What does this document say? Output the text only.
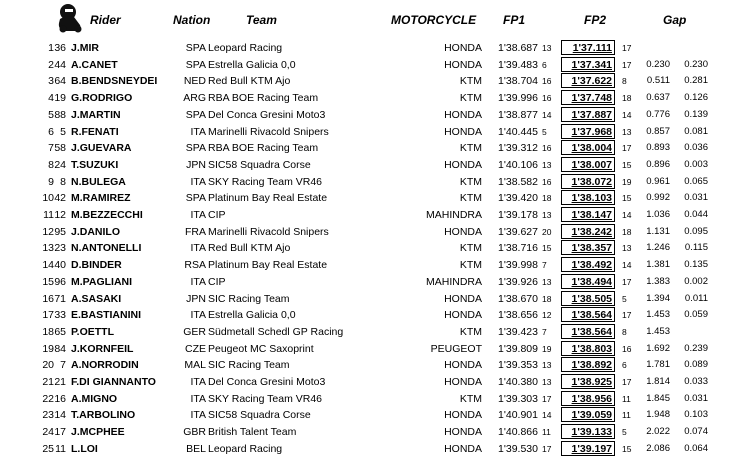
Rider	Nation	Team	MOTORCYCLE FP1	FP2	Gap
1 36 J.MIR	SPA Leopard Racing	HONDA	1'38.687 13	1'37.111	17
2 44 A.CANET	SPA Estrella Galicia 0,0	HONDA	1'39.483 6	1'37.341	17	0.230	0.230
3 64 B.BENDSNEYDEI	NED Red Bull KTM Ajo	KTM	1'38.704 16	1'37.622	8	0.511	0.281
4 19 G.RODRIGO	ARG RBA BOE Racing Team	KTM	1'39.996 16	1'37.748	18	0.637	0.126
5 88 J.MARTIN	SPA Del Conca Gresini Moto3	HONDA	1'38.877 14	1'37.887	14	0.776	0.139
6 5 R.FENATI	ITA Marinelli Rivacold Snipers	HONDA	1'40.445 5	1'37.968	13	0.857	0.081
7 58 J.GUEVARA	SPA RBA BOE Racing Team	KTM	1'39.312 16	1'38.004	17	0.893	0.036
8 24 T.SUZUKI	JPN SIC58 Squadra Corse	HONDA	1'40.106 13	1'38.007	15	0.896	0.003
9 8 N.BULEGA	ITA SKY Racing Team VR46	KTM	1'38.582 16	1'38.072	19	0.961	0.065
10 42 M.RAMIREZ	SPA Platinum Bay Real Estate	KTM	1'39.420 18	1'38.103	15	0.992	0.031
11 12 M.BEZZECCHI	ITA CIP	MAHINDRA	1'39.178 13	1'38.147	14	1.036	0.044
12 95 J.DANILO	FRA Marinelli Rivacold Snipers	HONDA	1'39.627 20	1'38.242	18	1.131	0.095
13 23 N.ANTONELLI	ITA Red Bull KTM Ajo	KTM	1'38.716 15	1'38.357	13	1.246	0.115
14 40 D.BINDER	RSA Platinum Bay Real Estate	KTM	1'39.998 7	1'38.492	14	1.381	0.135
15 96 M.PAGLIANI	ITA CIP	MAHINDRA	1'39.926 13	1'38.494	17	1.383	0.002
16 71 A.SASAKI	JPN SIC Racing Team	HONDA	1'38.670 18	1'38.505	5	1.394	0.011
17 33 E.BASTIANINI	ITA Estrella Galicia 0,0	HONDA	1'38.656 12	1'38.564	17	1.453	0.059
18 65 P.OETTL	GER Südmetall Schedl GP Racing	KTM	1'39.423 7	1'38.564	8	1.453
19 84 J.KORNFEIL	CZE Peugeot MC Saxoprint	PEUGEOT	1'39.809 19	1'38.803	16	1.692	0.239
20 7 A.NORRODIN	MAL SIC Racing Team	HONDA	1'39.353 13	1'38.892	6	1.781	0.089
21 21 F.DI GIANNANTO	ITA Del Conca Gresini Moto3	HONDA	1'40.380 13	1'38.925	17	1.814	0.033
22 16 A.MIGNO	ITA SKY Racing Team VR46	KTM	1'39.303 17	1'38.956	11	1.845	0.031
23 14 T.ARBOLINO	ITA SIC58 Squadra Corse	HONDA	1'40.901 14	1'39.059	11	1.948	0.103
24 17 J.MCPHEE	GBR British Talent Team	HONDA	1'40.866 11	1'39.133	5	2.022	0.074
25 11 L.LOI	BEL Leopard Racing	HONDA	1'39.530 17	1'39.197	15	2.086	0.064
